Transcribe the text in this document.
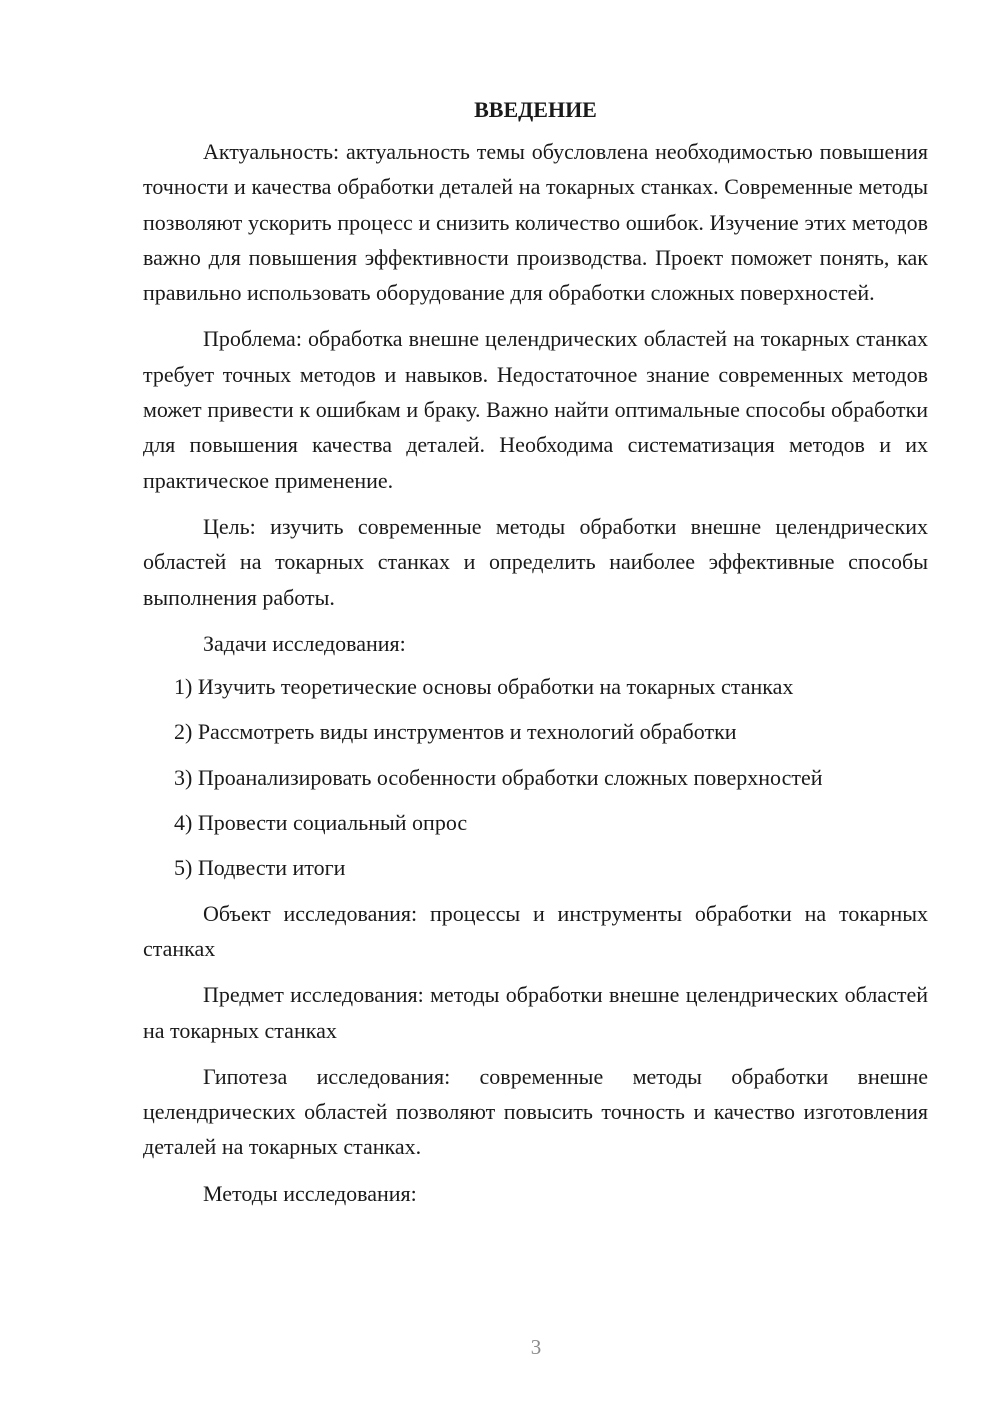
ВВЕДЕНИЕ

Актуальность: актуальность темы обусловлена необходимостью повышения точности и качества обработки деталей на токарных станках. Современные методы позволяют ускорить процесс и снизить количество ошибок. Изучение этих методов важно для повышения эффективности производства. Проект поможет понять, как правильно использовать оборудование для обработки сложных поверхностей.

Проблема: обработка внешне целендрических областей на токарных станках требует точных методов и навыков. Недостаточное знание современных методов может привести к ошибкам и браку. Важно найти оптимальные способы обработки для повышения качества деталей. Необходима систематизация методов и их практическое применение.

Цель: изучить современные методы обработки внешне целендрических областей на токарных станках и определить наиболее эффективные способы выполнения работы.

Задачи исследования:

1) Изучить теоретические основы обработки на токарных станках
2) Рассмотреть виды инструментов и технологий обработки
3) Проанализировать особенности обработки сложных поверхностей
4) Провести социальный опрос
5) Подвести итоги

Объект исследования: процессы и инструменты обработки на токарных станках

Предмет исследования: методы обработки внешне целендрических областей на токарных станках

Гипотеза исследования: современные методы обработки внешне целендрических областей позволяют повысить точность и качество изготовления деталей на токарных станках.

Методы исследования:

3
